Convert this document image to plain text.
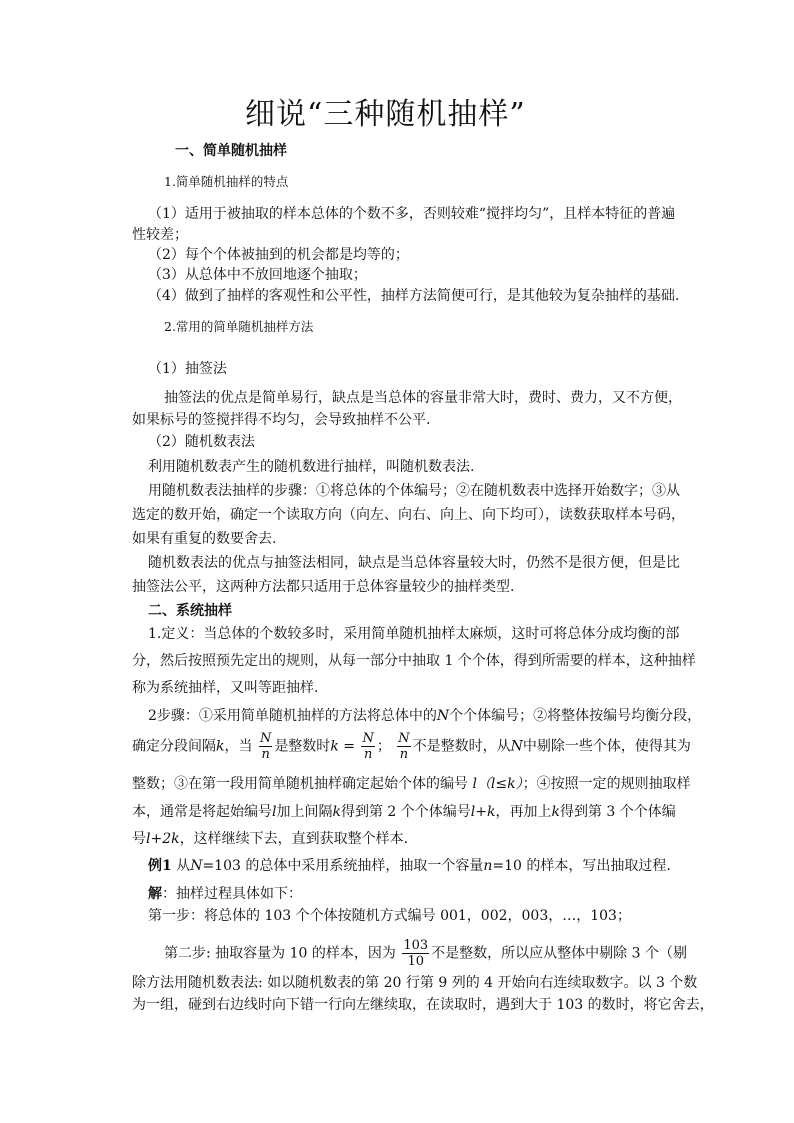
细说“三种随机抽样”
一、简单随机抽样
1.简单随机抽样的特点
（1）适用于被抽取的样本总体的个数不多，否则较难“搅拌均匀”，且样本特征的普遍
性较差；
（2）每个个体被抽到的机会都是均等的；
（3）从总体中不放回地逐个抽取；
（4）做到了抽样的客观性和公平性，抽样方法简便可行，是其他较为复杂抽样的基础.
2.常用的简单随机抽样方法
（1）抽签法
抽签法的优点是简单易行，缺点是当总体的容量非常大时，费时、费力，又不方便，
如果标号的签搅拌得不均匀，会导致抽样不公平.
（2）随机数表法
利用随机数表产生的随机数进行抽样，叫随机数表法.
用随机数表法抽样的步骤：①将总体的个体编号；②在随机数表中选择开始数字；③从
选定的数开始，确定一个读取方向（向左、向右、向上、向下均可），读数获取样本号码，
如果有重复的数要舍去.
随机数表法的优点与抽签法相同，缺点是当总体容量较大时，仍然不是很方便，但是比
抽签法公平，这两种方法都只适用于总体容量较少的抽样类型.
二、系统抽样
1.定义：当总体的个数较多时，采用简单随机抽样太麻烦，这时可将总体分成均衡的部
分，然后按照预先定出的规则，从每一部分中抽取 1 个个体，得到所需要的样本，这种抽样
称为系统抽样，又叫等距抽样.
2步骤：①采用简单随机抽样的方法将总体中的N个个体编号；②将整体按编号均衡分段，
确定分段间隔k，当 $\frac{N}{n}$ 是整数时$k = \frac{N}{n}$ ； $\frac{N}{n}$ 不是整数时，从N中剔除一些个体，使得其为
整数；③在第一段用简单随机抽样确定起始个体的编号 l（l≤k）；④按照一定的规则抽取样
本，通常是将起始编号l加上间隔k得到第 2 个个体编号l+k，再加上k得到第 3 个个体编
号l+2k，这样继续下去，直到获取整个样本.
例1 从N=103 的总体中采用系统抽样，抽取一个容量n=10 的样本，写出抽取过程.
解：抽样过程具体如下：
第一步：将总体的 103 个个体按随机方式编号 001，002，003，…，103；
第二步: 抽取容量为 10 的样本，因为 $\frac{103}{10}$ 不是整数，所以应从整体中剔除 3 个（剔
除方法用随机数表法: 如以随机数表的第 20 行第 9 列的 4 开始向右连续取数字。以 3 个数
为一组，碰到右边线时向下错一行向左继续取，在读取时，遇到大于 103 的数时，将它舍去，
